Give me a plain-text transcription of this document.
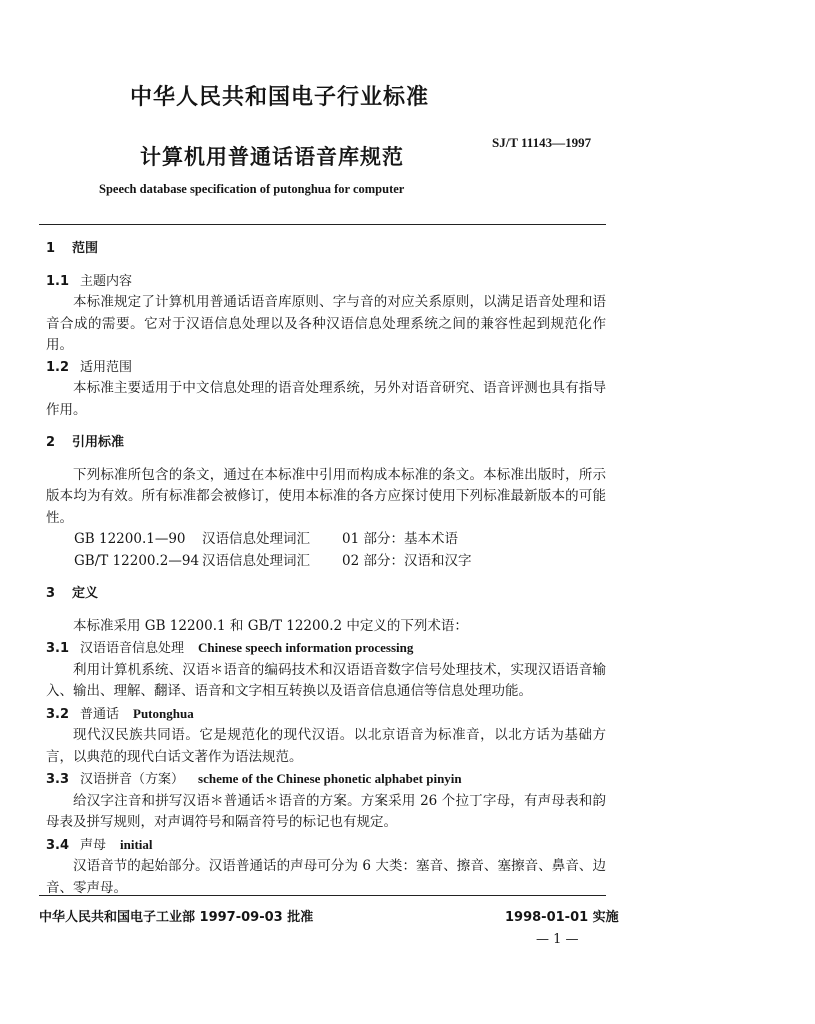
中华人民共和国电子行业标准
SJ/T 11143—1997
计算机用普通话语音库规范
Speech database specification of putonghua for computer
1 范围
1.1 主题内容
本标准规定了计算机用普通话语音库原则、字与音的对应关系原则，以满足语音处理和语音合成的需要。它对于汉语信息处理以及各种汉语信息处理系统之间的兼容性起到规范化作用。
1.2 适用范围
本标准主要适用于中文信息处理的语音处理系统，另外对语音研究、语音评测也具有指导作用。
2 引用标准
下列标准所包含的条文，通过在本标准中引用而构成本标准的条文。本标准出版时，所示版本均为有效。所有标准都会被修订，使用本标准的各方应探讨使用下列标准最新版本的可能性。
GB 12200.1—90	汉语信息处理词汇	01 部分：基本术语
GB/T 12200.2—94 汉语信息处理词汇	02 部分：汉语和汉字
3 定义
本标准采用 GB 12200.1 和 GB/T 12200.2 中定义的下列术语：
3.1 汉语语音信息处理 Chinese speech information processing
利用计算机系统、汉语＊语音的编码技术和汉语语音数字信号处理技术，实现汉语语音输入、输出、理解、翻译、语音和文字相互转换以及语音信息通信等信息处理功能。
3.2 普通话 Putonghua
现代汉民族共同语。它是规范化的现代汉语。以北京语音为标准音，以北方话为基础方言，以典范的现代白话文著作为语法规范。
3.3 汉语拼音（方案） scheme of the Chinese phonetic alphabet pinyin
给汉字注音和拼写汉语＊普通话＊语音的方案。方案采用 26 个拉丁字母，有声母表和韵母表及拼写规则，对声调符号和隔音符号的标记也有规定。
3.4 声母 initial
汉语音节的起始部分。汉语普通话的声母可分为 6 大类：塞音、擦音、塞擦音、鼻音、边音、零声母。
中华人民共和国电子工业部 1997-09-03 批准	1998-01-01 实施
— 1 —
